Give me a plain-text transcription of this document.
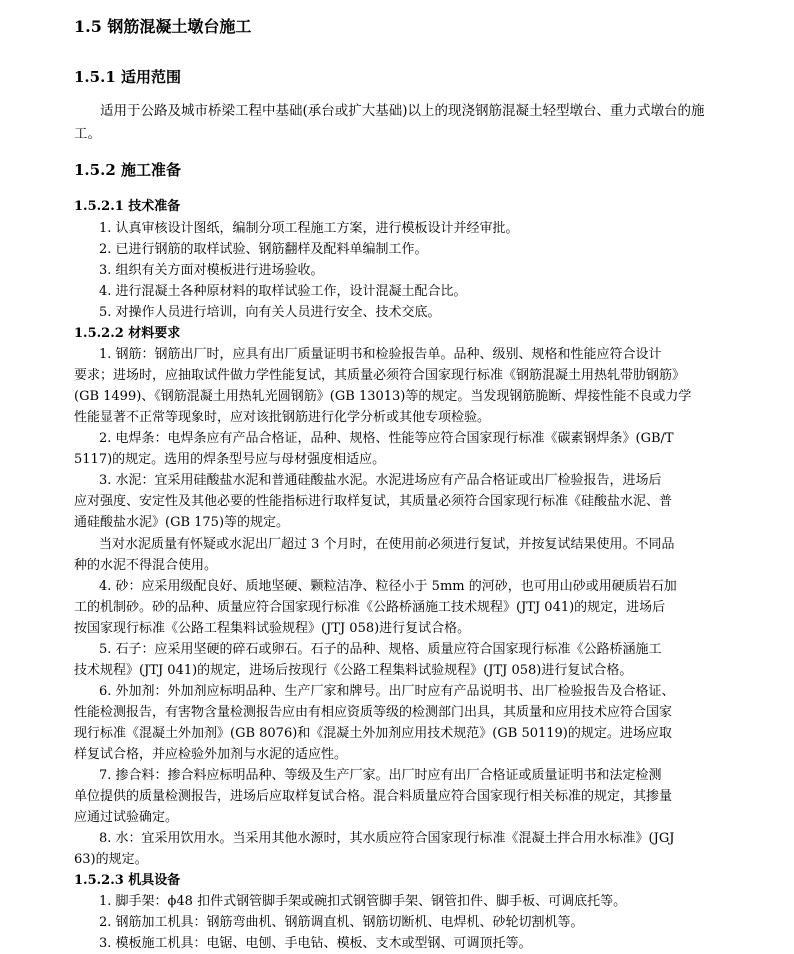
1.5 钢筋混凝土墩台施工
1.5.1 适用范围
适用于公路及城市桥梁工程中基础(承台或扩大基础)以上的现浇钢筋混凝土轻型墩台、重力式墩台的施工。
1.5.2 施工准备
1.5.2.1 技术准备
1. 认真审核设计图纸，编制分项工程施工方案，进行模板设计并经审批。
2. 已进行钢筋的取样试验、钢筋翻样及配料单编制工作。
3. 组织有关方面对模板进行进场验收。
4. 进行混凝土各种原材料的取样试验工作，设计混凝土配合比。
5. 对操作人员进行培训，向有关人员进行安全、技术交底。
1.5.2.2 材料要求
1. 钢筋：钢筋出厂时，应具有出厂质量证明书和检验报告单。品种、级别、规格和性能应符合设计
要求；进场时，应抽取试件做力学性能复试，其质量必须符合国家现行标准《钢筋混凝土用热轧带肋钢筋》
(GB 1499)、《钢筋混凝土用热轧光圆钢筋》(GB 13013)等的规定。当发现钢筋脆断、焊接性能不良或力学
性能显著不正常等现象时，应对该批钢筋进行化学分析或其他专项检验。
2. 电焊条：电焊条应有产品合格证，品种、规格、性能等应符合国家现行标准《碳素钢焊条》(GB/T
5117)的规定。选用的焊条型号应与母材强度相适应。
3. 水泥：宜采用硅酸盐水泥和普通硅酸盐水泥。水泥进场应有产品合格证或出厂检验报告，进场后
应对强度、安定性及其他必要的性能指标进行取样复试，其质量必须符合国家现行标准《硅酸盐水泥、普
通硅酸盐水泥》(GB 175)等的规定。
当对水泥质量有怀疑或水泥出厂超过 3 个月时，在使用前必须进行复试，并按复试结果使用。不同品
种的水泥不得混合使用。
4. 砂：应采用级配良好、质地坚硬、颗粒洁净、粒径小于 5mm 的河砂，也可用山砂或用硬质岩石加
工的机制砂。砂的品种、质量应符合国家现行标准《公路桥涵施工技术规程》(JTJ 041)的规定，进场后
按国家现行标准《公路工程集料试验规程》(JTJ 058)进行复试合格。
5. 石子：应采用坚硬的碎石或卵石。石子的品种、规格、质量应符合国家现行标准《公路桥涵施工
技术规程》(JTJ 041)的规定，进场后按现行《公路工程集料试验规程》(JTJ 058)进行复试合格。
6. 外加剂：外加剂应标明品种、生产厂家和牌号。出厂时应有产品说明书、出厂检验报告及合格证、
性能检测报告，有害物含量检测报告应由有相应资质等级的检测部门出具，其质量和应用技术应符合国家
现行标准《混凝土外加剂》(GB 8076)和《混凝土外加剂应用技术规范》(GB 50119)的规定。进场应取
样复试合格，并应检验外加剂与水泥的适应性。
7. 掺合料：掺合料应标明品种、等级及生产厂家。出厂时应有出厂合格证或质量证明书和法定检测
单位提供的质量检测报告，进场后应取样复试合格。混合料质量应符合国家现行相关标准的规定，其掺量
应通过试验确定。
8. 水：宜采用饮用水。当采用其他水源时，其水质应符合国家现行标准《混凝土拌合用水标准》(JGJ
63)的规定。
1.5.2.3 机具设备
1. 脚手架：ϕ48 扣件式钢管脚手架或碗扣式钢管脚手架、钢管扣件、脚手板、可调底托等。
2. 钢筋加工机具：钢筋弯曲机、钢筋调直机、钢筋切断机、电焊机、砂轮切割机等。
3. 模板施工机具：电锯、电刨、手电钻、模板、支木或型钢、可调顶托等。
